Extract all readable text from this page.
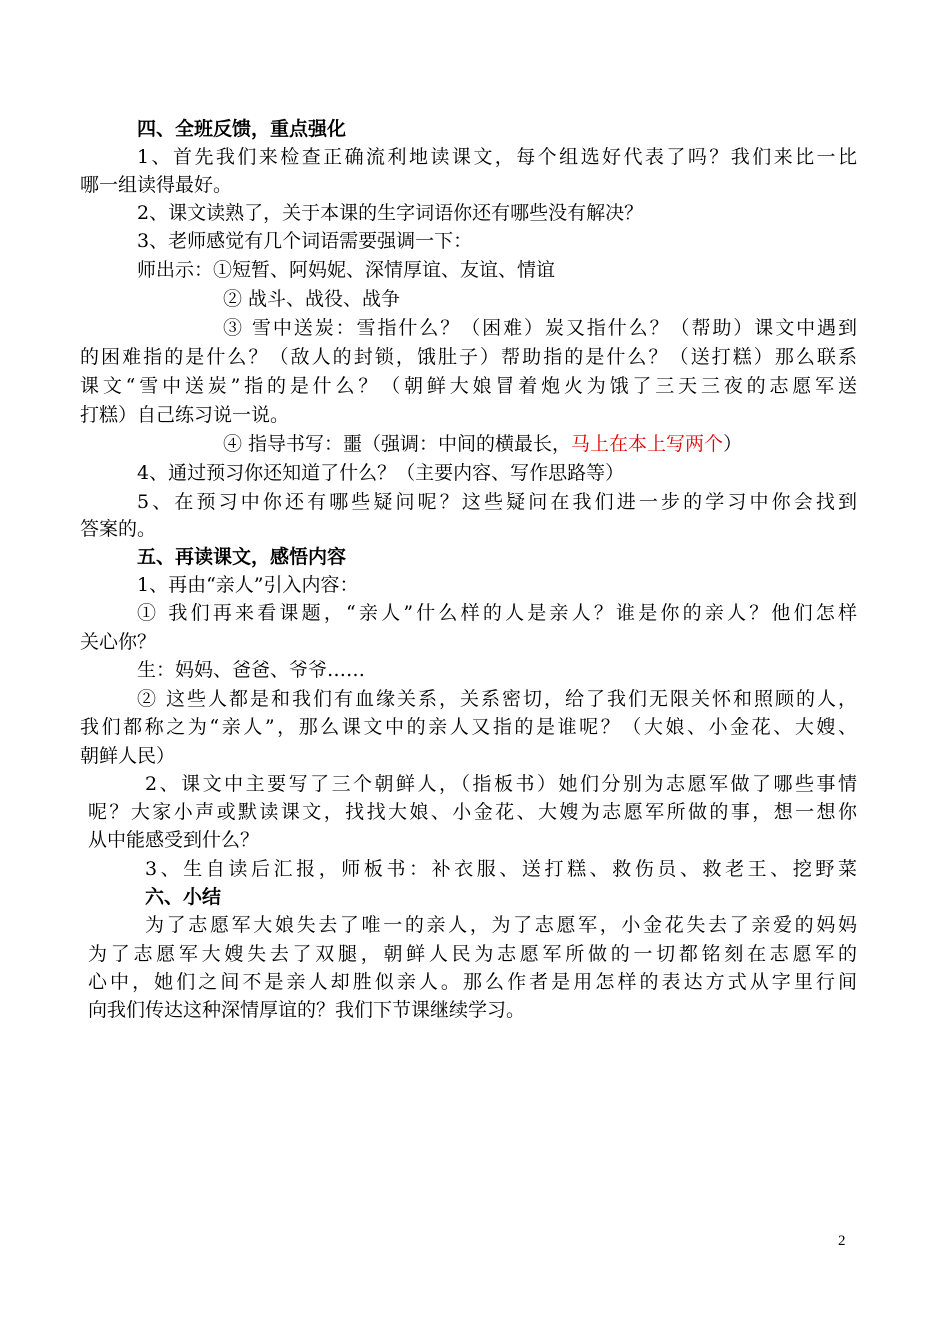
四、全班反馈，重点强化
1、首先我们来检查正确流利地读课文，每个组选好代表了吗？我们来比一比
哪一组读得最好。
2、课文读熟了，关于本课的生字词语你还有哪些没有解决？
3、老师感觉有几个词语需要强调一下：
师出示：①短暂、阿妈妮、深情厚谊、友谊、情谊
② 战斗、战役、战争
③ 雪中送炭：雪指什么？（困难）炭又指什么？（帮助）课文中遇到
的困难指的是什么？（敌人的封锁，饿肚子）帮助指的是什么？（送打糕）那么联系
课文“雪中送炭”指的是什么？（朝鲜大娘冒着炮火为饿了三天三夜的志愿军送
打糕）自己练习说一说。
④ 指导书写：噩（强调：中间的横最长，马上在本上写两个）
4、通过预习你还知道了什么？（主要内容、写作思路等）
5、在预习中你还有哪些疑问呢？这些疑问在我们进一步的学习中你会找到
答案的。
五、再读课文，感悟内容
1、再由“亲人”引入内容：
① 我们再来看课题，“亲人”什么样的人是亲人？谁是你的亲人？他们怎样
关心你？
生：妈妈、爸爸、爷爷……
② 这些人都是和我们有血缘关系，关系密切，给了我们无限关怀和照顾的人，
我们都称之为“亲人”，那么课文中的亲人又指的是谁呢？（大娘、小金花、大嫂、
朝鲜人民）
2、课文中主要写了三个朝鲜人，（指板书）她们分别为志愿军做了哪些事情
呢？大家小声或默读课文，找找大娘、小金花、大嫂为志愿军所做的事，想一想你
从中能感受到什么？
3、生自读后汇报，师板书：补衣服、送打糕、救伤员、救老王、挖野菜
六、小结
为了志愿军大娘失去了唯一的亲人，为了志愿军，小金花失去了亲爱的妈妈
为了志愿军大嫂失去了双腿，朝鲜人民为志愿军所做的一切都铭刻在志愿军的
心中，她们之间不是亲人却胜似亲人。那么作者是用怎样的表达方式从字里行间
向我们传达这种深情厚谊的？我们下节课继续学习。
2
